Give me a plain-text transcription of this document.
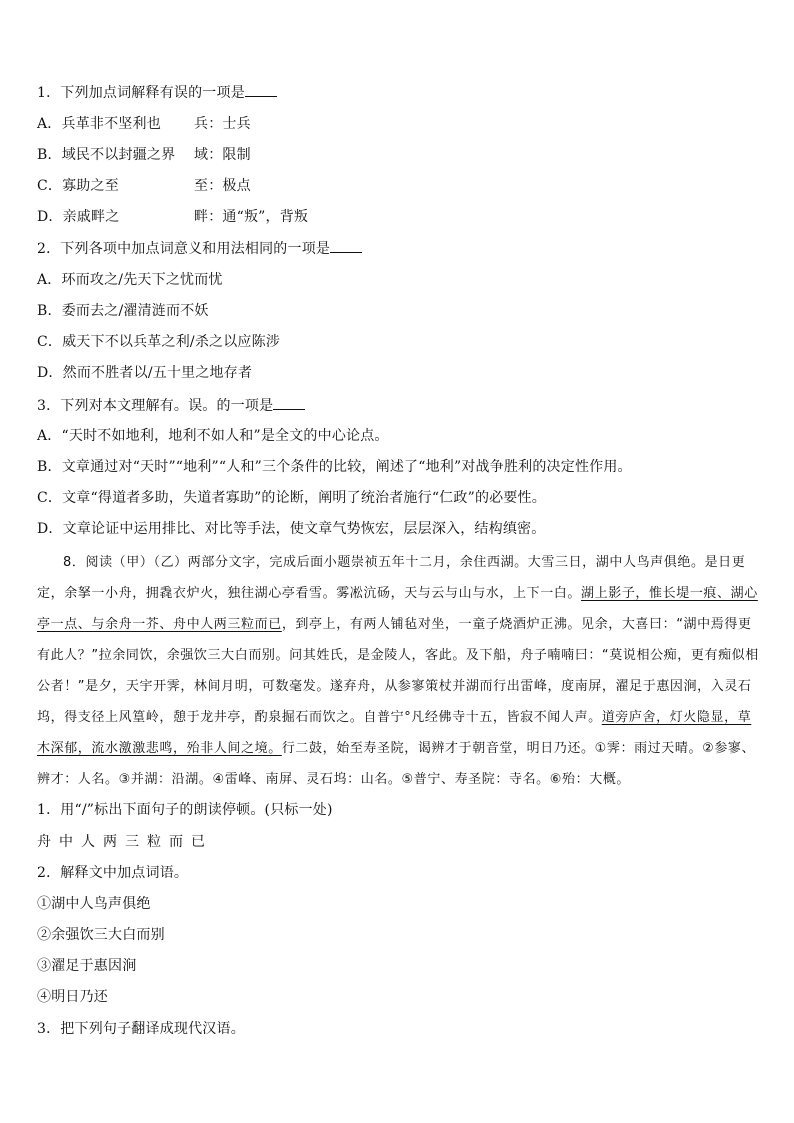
1．下列加点词解释有误的一项是
A．兵革非不坚利也 兵：士兵
B．域民不以封疆之界 域：限制
C．寡助之至	至：极点
D．亲戚畔之	畔：通“叛”，背叛
2．下列各项中加点词意义和用法相同的一项是
A．环而攻之/先天下之忧而忧
B．委而去之/濯清涟而不妖
C．威天下不以兵革之利/杀之以应陈涉
D．然而不胜者以/五十里之地存者
3．下列对本文理解有。误。的一项是
A．“天时不如地利，地利不如人和”是全文的中心论点。
B．文章通过对“天时”“地利”“人和”三个条件的比较，阐述了“地利”对战争胜利的决定性作用。
C．文章“得道者多助，失道者寡助”的论断，阐明了统治者施行“仁政”的必要性。
D．文章论证中运用排比、对比等手法，使文章气势恢宏，层层深入，结构缜密。
8．阅读（甲）（乙）两部分文字，完成后面小题崇祯五年十二月，余住西湖。大雪三日，湖中人鸟声俱绝。是日更定，余拏一小舟，拥毳衣炉火，独往湖心亭看雪。雾凇沆砀，天与云与山与水，上下一白。湖上影子，惟长堤一痕、湖心亭一点、与余舟一芥、舟中人两三粒而已，到亭上，有两人铺毡对坐，一童子烧酒炉正沸。见余，大喜曰：“湖中焉得更有此人？”拉余同饮，余强饮三大白而别。问其姓氏，是金陵人，客此。及下船，舟子喃喃曰：“莫说相公痴，更有痴似相公者！”是夕，天宇开霁，林间月明，可数毫发。遂弃舟，从参寥策杖并湖而行出雷峰，度南屏，濯足于惠因涧，入灵石坞，得支径上风篁岭，憩于龙井亭，酌泉掘石而饮之。自普宁°凡经佛寺十五，皆寂不闻人声。道旁庐舍，灯火隐显，草木深郁，流水激激悲鸣，殆非人间之境。行二鼓，始至寿圣院，谒辨才于朝音堂，明日乃还。①霁：雨过天晴。②参寥、辨才：人名。③并湖：沿湖。④雷峰、南屏、灵石坞：山名。⑤普宁、寿圣院：寺名。⑥殆：大概。
1．用“/”标出下面句子的朗读停顿。(只标一处)
舟中人两三粒而已
2．解释文中加点词语。
①湖中人鸟声俱绝
②余强饮三大白而别
③濯足于惠因涧
④明日乃还
3．把下列句子翻译成现代汉语。
